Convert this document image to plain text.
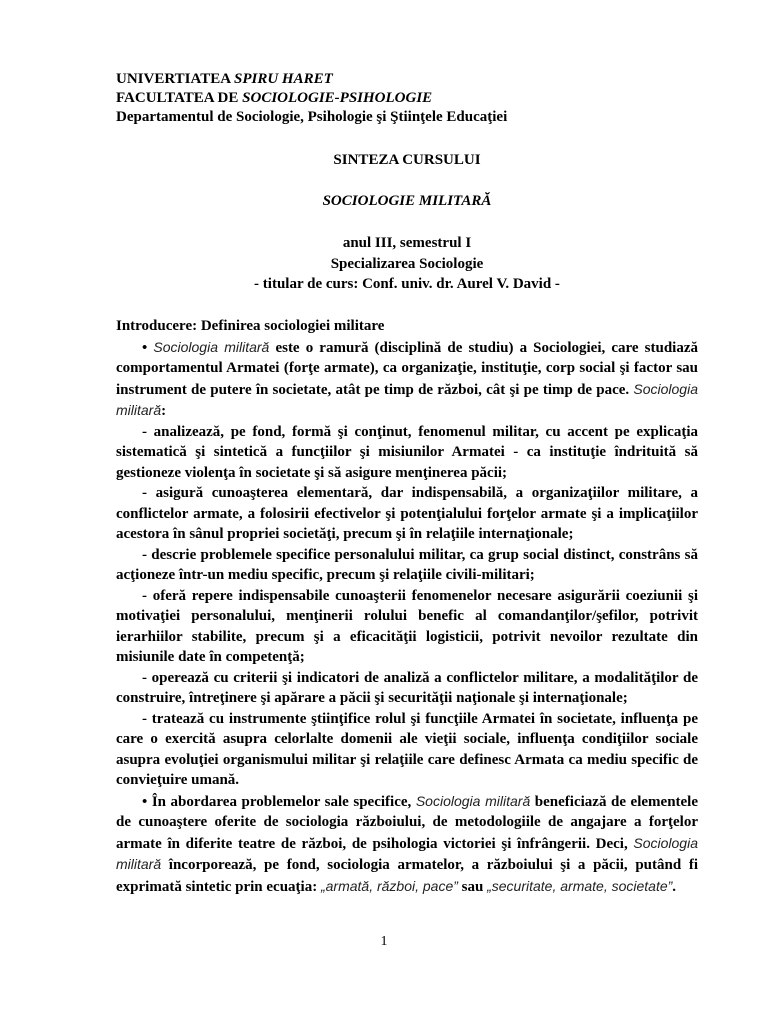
UNIVERTIATEA SPIRU HARET
FACULTATEA DE SOCIOLOGIE-PSIHOLOGIE
Departamentul de Sociologie, Psihologie şi Ştiinţele Educaţiei
SINTEZA CURSULUI
SOCIOLOGIE MILITARĂ
anul III, semestrul I
Specializarea Sociologie
- titular de curs: Conf. univ. dr. Aurel V. David -

Introducere: Definirea sociologiei militare

• Sociologia militară este o ramură (disciplină de studiu) a Sociologiei, care studiază comportamentul Armatei (forţe armate), ca organizaţie, instituţie, corp social şi factor sau instrument de putere în societate, atât pe timp de război, cât şi pe timp de pace. Sociologia militară:

- analizează, pe fond, formă şi conţinut, fenomenul militar, cu accent pe explicaţia sistematică şi sintetică a funcţiilor şi misiunilor Armatei - ca instituţie îndrituită să gestioneze violenţa în societate şi să asigure menţinerea păcii;

- asigură cunoaşterea elementară, dar indispensabilă, a organizaţiilor militare, a conflictelor armate, a folosirii efectivelor şi potenţialului forţelor armate şi a implicaţiilor acestora în sânul propriei societăţi, precum şi în relaţiile internaţionale;

- descrie problemele specifice personalului militar, ca grup social distinct, constrâns să acţioneze într-un mediu specific, precum şi relaţiile civili-militari;

- oferă repere indispensabile cunoaşterii fenomenelor necesare asigurării coeziunii şi motivaţiei personalului, menţinerii rolului benefic al comandanţilor/şefilor, potrivit ierarhiilor stabilite, precum şi a eficacităţii logisticii, potrivit nevoilor rezultate din misiunile date în competenţă;

- operează cu criterii şi indicatori de analiză a conflictelor militare, a modalităţilor de construire, întreţinere şi apărare a păcii şi securităţii naţionale şi internaţionale;

- tratează cu instrumente ştiinţifice rolul şi funcţiile Armatei în societate, influenţa pe care o exercită asupra celorlalte domenii ale vieţii sociale, influenţa condiţiilor sociale asupra evoluţiei organismului militar şi relaţiile care definesc Armata ca mediu specific de convieţuire umană.

• În abordarea problemelor sale specifice, Sociologia militară beneficiază de elementele de cunoaştere oferite de sociologia războiului, de metodologiile de angajare a forţelor armate în diferite teatre de război, de psihologia victoriei şi înfrângerii. Deci, Sociologia militară încorporează, pe fond, sociologia armatelor, a războiului şi a păcii, putând fi exprimată sintetic prin ecuaţia: „armată, război, pace” sau „securitate, armate, societate”.

1
